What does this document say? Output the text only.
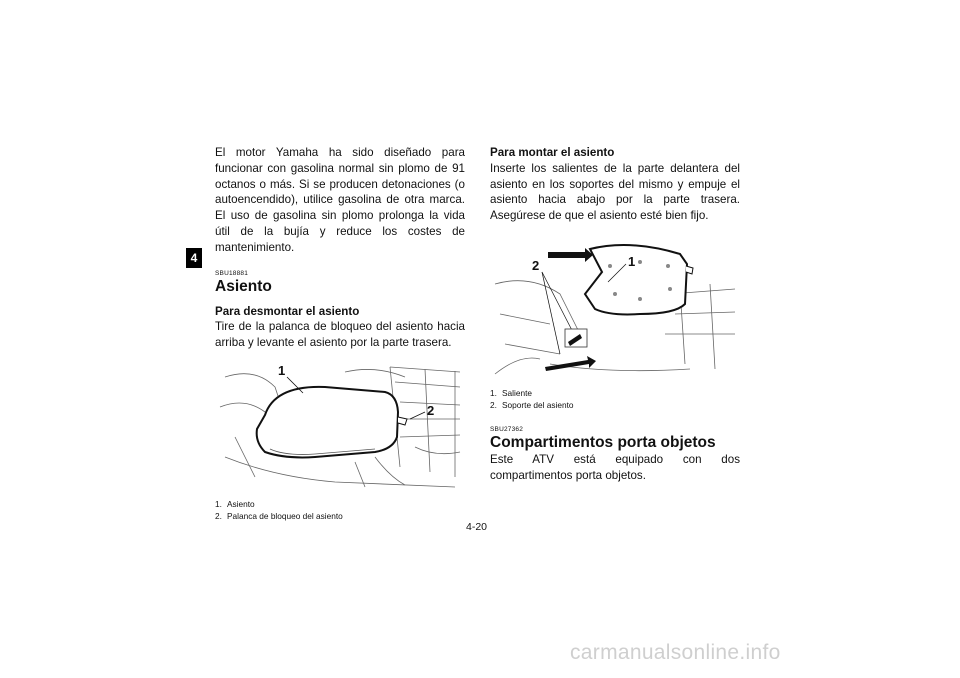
4

El motor Yamaha ha sido diseñado para funcionar con gasolina normal sin plomo de 91 octanos o más. Si se producen detonaciones (o autoencendido), utilice gasolina de otra marca. El uso de gasolina sin plomo prolonga la vida útil de la bujía y reduce los costes de mantenimiento.

SBU18881

Asiento

Para desmontar el asiento

Tire de la palanca de bloqueo del asiento hacia arriba y levante el asiento por la parte trasera.

1
2

1. Asiento

2. Palanca de bloqueo del asiento

Para montar el asiento

Inserte los salientes de la parte delantera del asiento en los soportes del mismo y empuje el asiento hacia abajo por la parte trasera. Asegúrese de que el asiento esté bien fijo.

2	1

1. Saliente

2. Soporte del asiento

SBU27362

Compartimentos porta objetos

Este ATV está equipado con dos compartimentos porta objetos.

4-20
carmanualsonline.info
